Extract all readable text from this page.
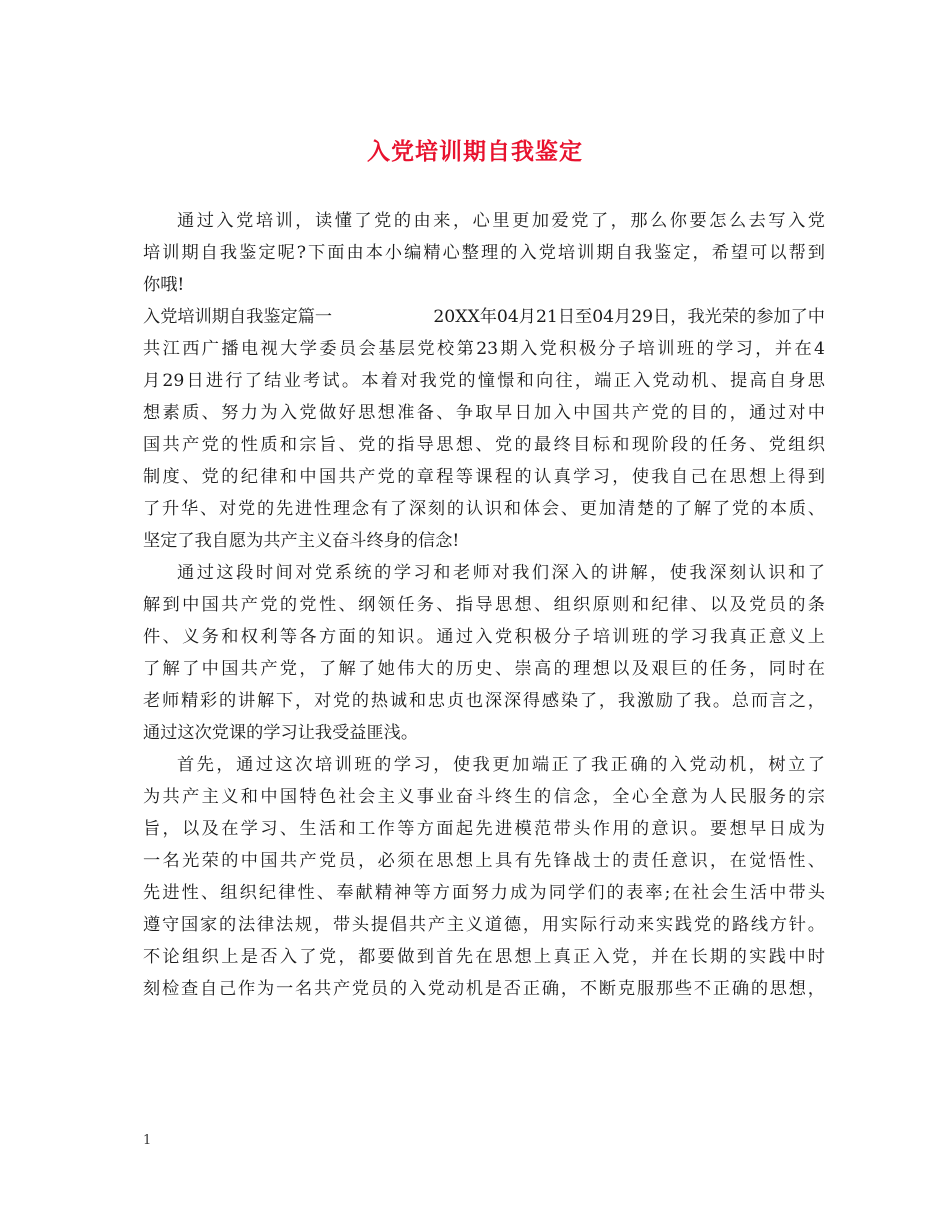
入党培训期自我鉴定
通过入党培训，读懂了党的由来，心里更加爱党了，那么你要怎么去写入党
培训期自我鉴定呢?下面由本小编精心整理的入党培训期自我鉴定，希望可以帮到
你哦!
入党培训期自我鉴定篇一	20XX年04月21日至04月29日，我光荣的参加了中
共江西广播电视大学委员会基层党校第23期入党积极分子培训班的学习，并在4
月29日进行了结业考试。本着对我党的憧憬和向往，端正入党动机、提高自身思
想素质、努力为入党做好思想准备、争取早日加入中国共产党的目的，通过对中
国共产党的性质和宗旨、党的指导思想、党的最终目标和现阶段的任务、党组织
制度、党的纪律和中国共产党的章程等课程的认真学习，使我自己在思想上得到
了升华、对党的先进性理念有了深刻的认识和体会、更加清楚的了解了党的本质、
坚定了我自愿为共产主义奋斗终身的信念!
通过这段时间对党系统的学习和老师对我们深入的讲解，使我深刻认识和了
解到中国共产党的党性、纲领任务、指导思想、组织原则和纪律、以及党员的条
件、义务和权利等各方面的知识。通过入党积极分子培训班的学习我真正意义上
了解了中国共产党，了解了她伟大的历史、崇高的理想以及艰巨的任务，同时在
老师精彩的讲解下，对党的热诚和忠贞也深深得感染了，我激励了我。总而言之，
通过这次党课的学习让我受益匪浅。
首先，通过这次培训班的学习，使我更加端正了我正确的入党动机，树立了
为共产主义和中国特色社会主义事业奋斗终生的信念，全心全意为人民服务的宗
旨，以及在学习、生活和工作等方面起先进模范带头作用的意识。要想早日成为
一名光荣的中国共产党员，必须在思想上具有先锋战士的责任意识，在觉悟性、
先进性、组织纪律性、奉献精神等方面努力成为同学们的表率;在社会生活中带头
遵守国家的法律法规，带头提倡共产主义道德，用实际行动来实践党的路线方针。
不论组织上是否入了党，都要做到首先在思想上真正入党，并在长期的实践中时
刻检查自己作为一名共产党员的入党动机是否正确，不断克服那些不正确的思想，
1
